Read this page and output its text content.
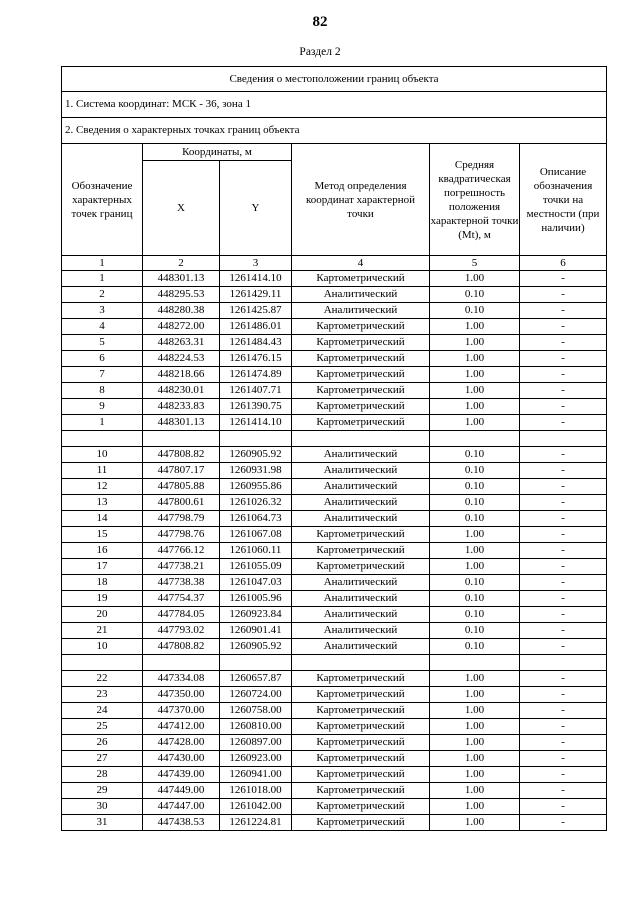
82
Раздел 2
Сведения о местоположении границ объекта					
1. Система координат: МСК - 36, зона 1					
2. Сведения о характерных точках границ объекта					
Обозначение характерных точек границ	Координаты, м		Метод определения координат характерной точки	Средняя квадратическая погрешность положения характерной точки (Mt), м	Описание обозначения точки на местности (при наличии)
	X	Y			
1	2	3	4	5	6
1	448301.13	1261414.10	Картометрический	1.00	-
2	448295.53	1261429.11	Аналитический	0.10	-
3	448280.38	1261425.87	Аналитический	0.10	-
4	448272.00	1261486.01	Картометрический	1.00	-
5	448263.31	1261484.43	Картометрический	1.00	-
6	448224.53	1261476.15	Картометрический	1.00	-
7	448218.66	1261474.89	Картометрический	1.00	-
8	448230.01	1261407.71	Картометрический	1.00	-
9	448233.83	1261390.75	Картометрический	1.00	-
1	448301.13	1261414.10	Картометрический	1.00	-

10	447808.82	1260905.92	Аналитический	0.10	-
11	447807.17	1260931.98	Аналитический	0.10	-
12	447805.88	1260955.86	Аналитический	0.10	-
13	447800.61	1261026.32	Аналитический	0.10	-
14	447798.79	1261064.73	Аналитический	0.10	-
15	447798.76	1261067.08	Картометрический	1.00	-
16	447766.12	1261060.11	Картометрический	1.00	-
17	447738.21	1261055.09	Картометрический	1.00	-
18	447738.38	1261047.03	Аналитический	0.10	-
19	447754.37	1261005.96	Аналитический	0.10	-
20	447784.05	1260923.84	Аналитический	0.10	-
21	447793.02	1260901.41	Аналитический	0.10	-
10	447808.82	1260905.92	Аналитический	0.10	-

22	447334.08	1260657.87	Картометрический	1.00	-
23	447350.00	1260724.00	Картометрический	1.00	-
24	447370.00	1260758.00	Картометрический	1.00	-
25	447412.00	1260810.00	Картометрический	1.00	-
26	447428.00	1260897.00	Картометрический	1.00	-
27	447430.00	1260923.00	Картометрический	1.00	-
28	447439.00	1260941.00	Картометрический	1.00	-
29	447449.00	1261018.00	Картометрический	1.00	-
30	447447.00	1261042.00	Картометрический	1.00	-
31	447438.53	1261224.81	Картометрический	1.00	-
